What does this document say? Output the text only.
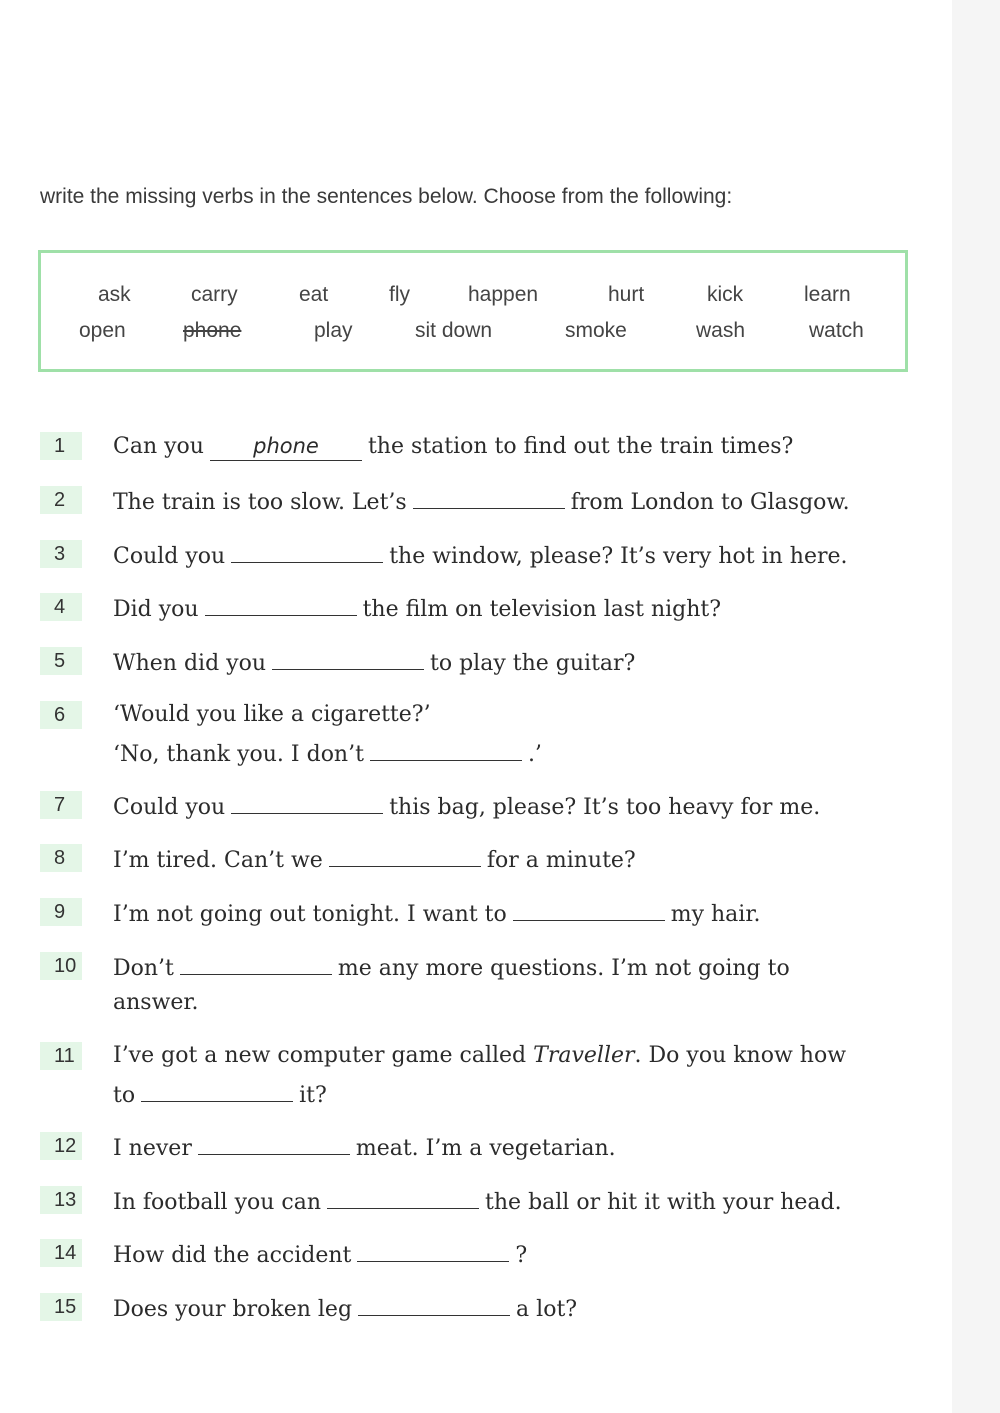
write the missing verbs in the sentences below. Choose from the following:
ask	carry	eat	fly	happen	hurt	kick	learn
open	phone	play	sit down	smoke	wash	watch
1	Can you phone the station to find out the train times?
2	The train is too slow. Let’s	from London to Glasgow.
3	Could you	the window, please? It’s very hot in here.
4	Did you	the film on television last night?
5	When did you	to play the guitar?
6	‘Would you like a cigarette?’
‘No, thank you. I don’t	.’
7	Could you	this bag, please? It’s too heavy for me.
8	I’m tired. Can’t we	for a minute?
9	I’m not going out tonight. I want to	my hair.
10 Don’t	me any more questions. I’m not going to
answer.
11	I’ve got a new computer game called Traveller. Do you know how
to	it?
12 I never	meat. I’m a vegetarian.
13 In football you can	the ball or hit it with your head.
14 How did the accident	?
15 Does your broken leg	a lot?
